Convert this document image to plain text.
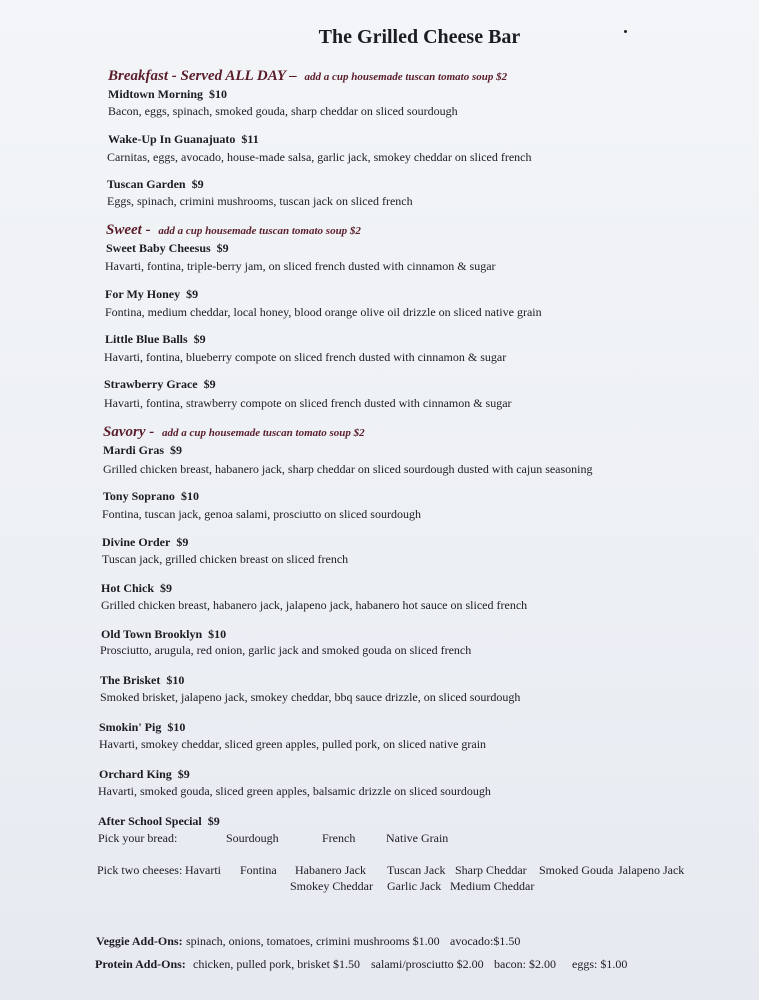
The Grilled Cheese Bar
Breakfast - Served ALL DAY – add a cup housemade tuscan tomato soup $2
Midtown Morning $10
Bacon, eggs, spinach, smoked gouda, sharp cheddar on sliced sourdough
Wake-Up In Guanajuato $11
Carnitas, eggs, avocado, house-made salsa, garlic jack, smokey cheddar on sliced french
Tuscan Garden $9
Eggs, spinach, crimini mushrooms, tuscan jack on sliced french
Sweet - add a cup housemade tuscan tomato soup $2
Sweet Baby Cheesus $9
Havarti, fontina, triple-berry jam, on sliced french dusted with cinnamon & sugar
For My Honey $9
Fontina, medium cheddar, local honey, blood orange olive oil drizzle on sliced native grain
Little Blue Balls $9
Havarti, fontina, blueberry compote on sliced french dusted with cinnamon & sugar
Strawberry Grace $9
Havarti, fontina, strawberry compote on sliced french dusted with cinnamon & sugar
Savory - add a cup housemade tuscan tomato soup $2
Mardi Gras $9
Grilled chicken breast, habanero jack, sharp cheddar on sliced sourdough dusted with cajun seasoning
Tony Soprano $10
Fontina, tuscan jack, genoa salami, prosciutto on sliced sourdough
Divine Order $9
Tuscan jack, grilled chicken breast on sliced french
Hot Chick $9
Grilled chicken breast, habanero jack, jalapeno jack, habanero hot sauce on sliced french
Old Town Brooklyn $10
Prosciutto, arugula, red onion, garlic jack and smoked gouda on sliced french
The Brisket $10
Smoked brisket, jalapeno jack, smokey cheddar, bbq sauce drizzle, on sliced sourdough
Smokin' Pig $10
Havarti, smokey cheddar, sliced green apples, pulled pork, on sliced native grain
Orchard King $9
Havarti, smoked gouda, sliced green apples, balsamic drizzle on sliced sourdough
After School Special $9
Pick your bread:	Sourdough	French	Native Grain
Pick two cheeses: Havarti Fontina Habanero Jack Tuscan Jack Sharp Cheddar Smoked Gouda Jalapeno Jack
Smokey Cheddar Garlic Jack Medium Cheddar
Veggie Add-Ons: spinach, onions, tomatoes, crimini mushrooms $1.00 avocado:$1.50
Protein Add-Ons: chicken, pulled pork, brisket $1.50 salami/prosciutto $2.00 bacon: $2.00 eggs: $1.00
